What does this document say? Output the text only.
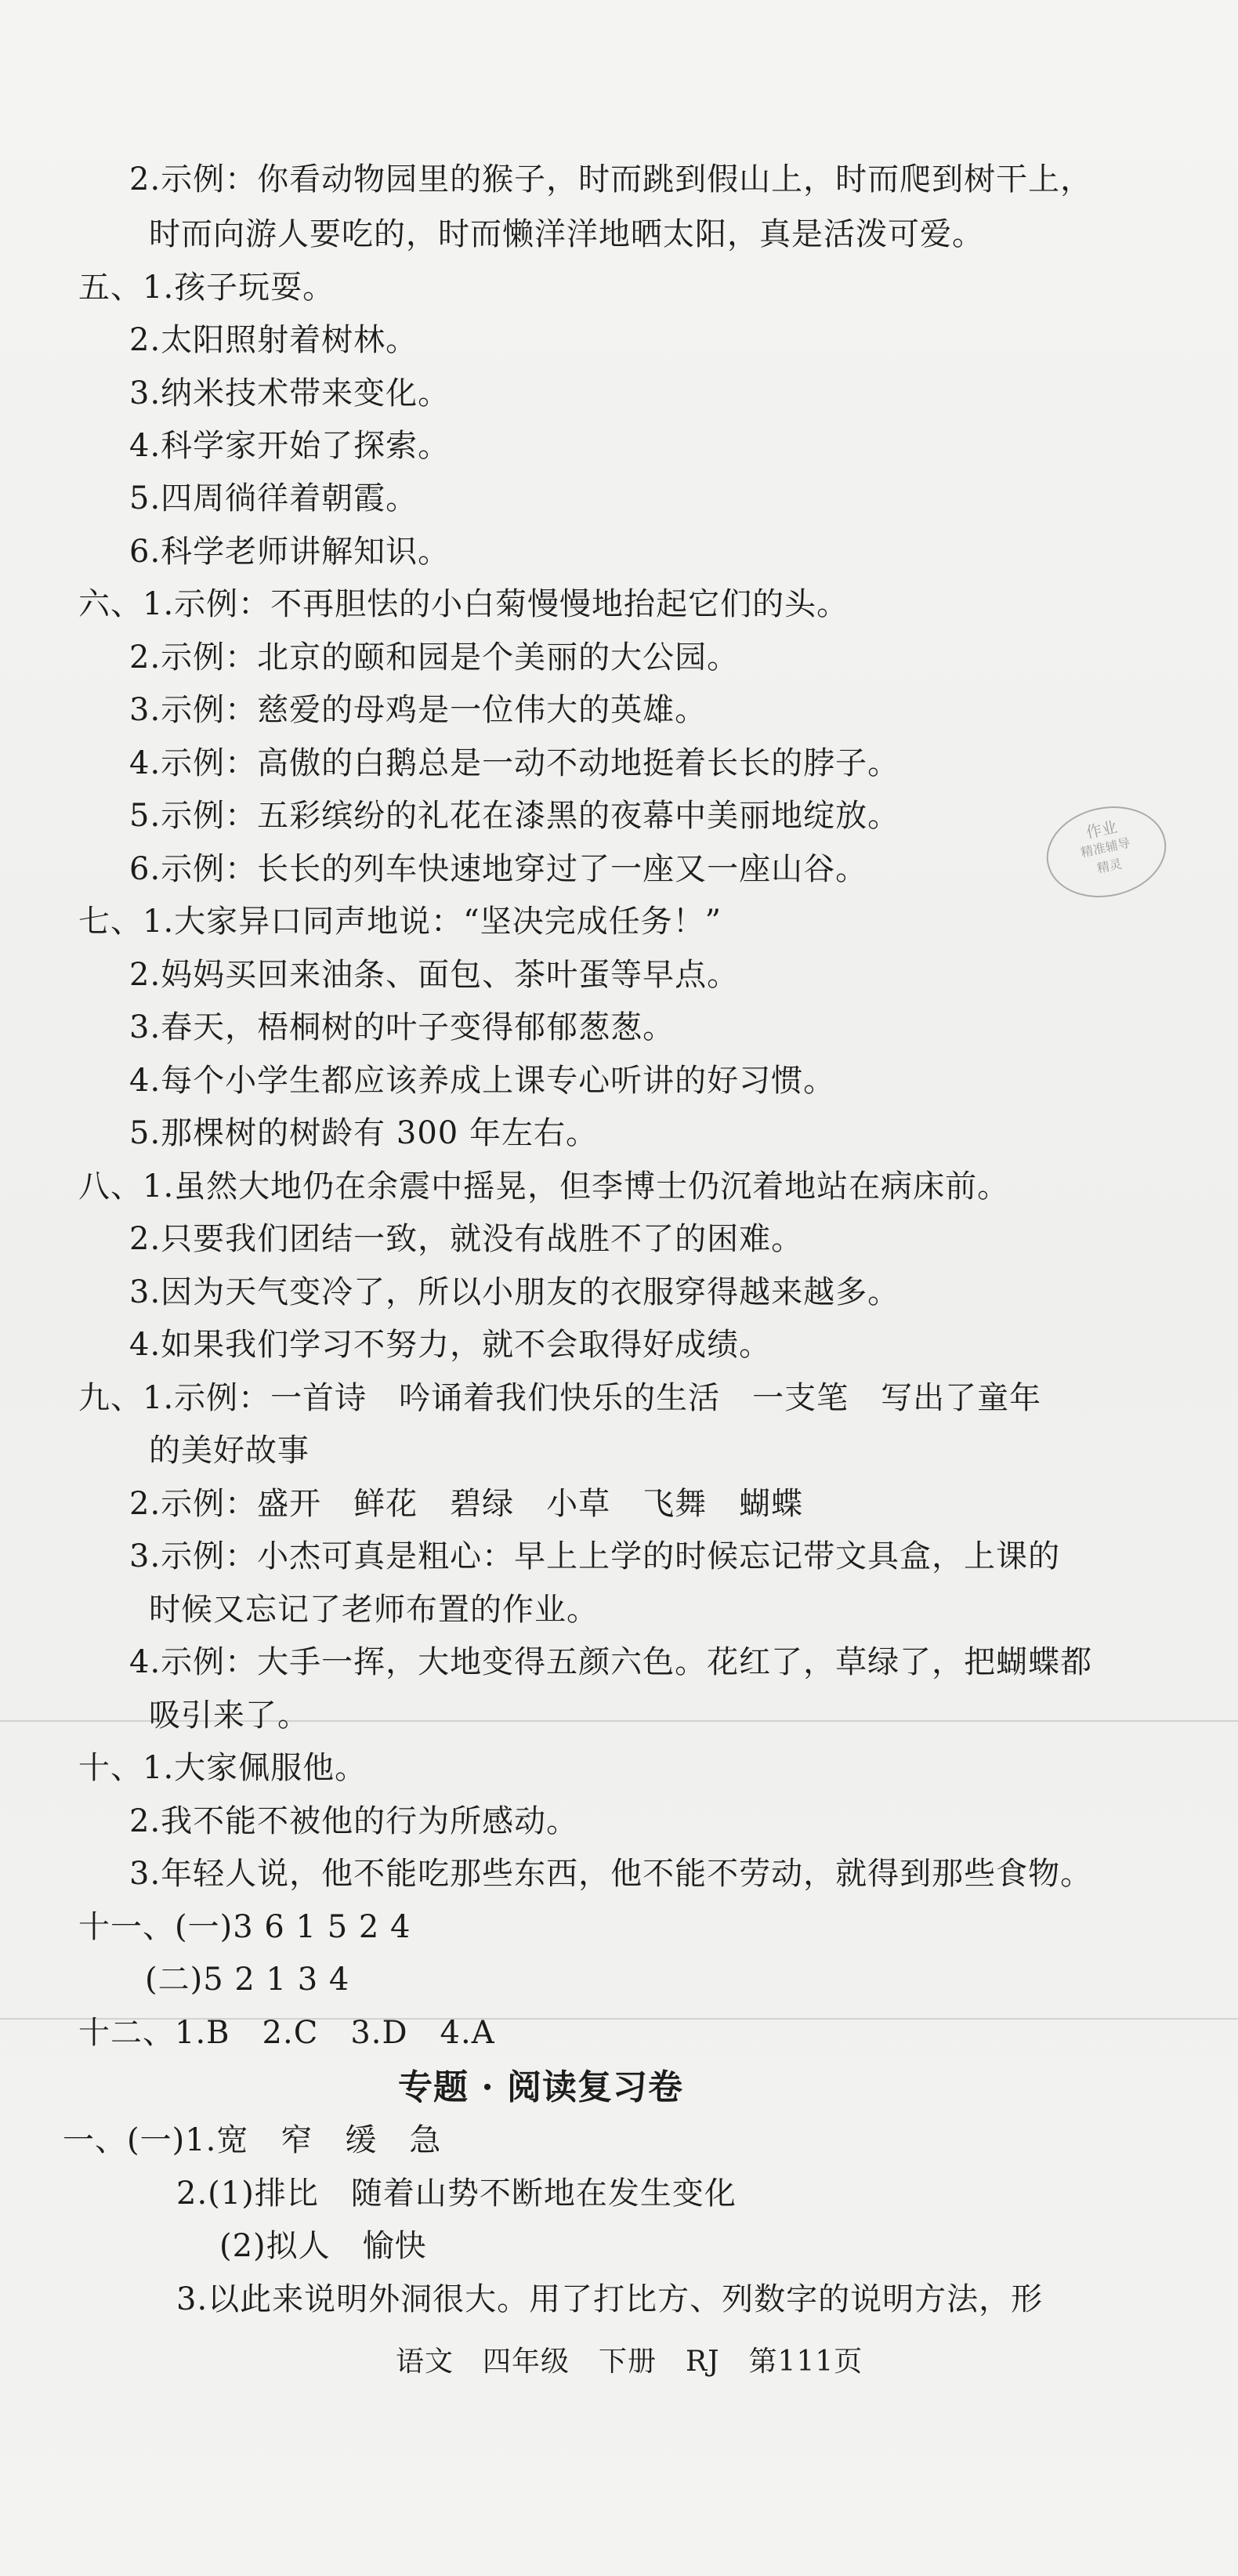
2.示例：你看动物园里的猴子，时而跳到假山上，时而爬到树干上，
时而向游人要吃的，时而懒洋洋地晒太阳，真是活泼可爱。
五、1.孩子玩耍。
2.太阳照射着树林。
3.纳米技术带来变化。
4.科学家开始了探索。
5.四周徜徉着朝霞。
6.科学老师讲解知识。
六、1.示例：不再胆怯的小白菊慢慢地抬起它们的头。
2.示例：北京的颐和园是个美丽的大公园。
3.示例：慈爱的母鸡是一位伟大的英雄。
4.示例：高傲的白鹅总是一动不动地挺着长长的脖子。
5.示例：五彩缤纷的礼花在漆黑的夜幕中美丽地绽放。
6.示例：长长的列车快速地穿过了一座又一座山谷。
七、1.大家异口同声地说：“坚决完成任务！”
2.妈妈买回来油条、面包、茶叶蛋等早点。
3.春天，梧桐树的叶子变得郁郁葱葱。
4.每个小学生都应该养成上课专心听讲的好习惯。
5.那棵树的树龄有 300 年左右。
八、1.虽然大地仍在余震中摇晃，但李博士仍沉着地站在病床前。
2.只要我们团结一致，就没有战胜不了的困难。
3.因为天气变冷了，所以小朋友的衣服穿得越来越多。
4.如果我们学习不努力，就不会取得好成绩。
九、1.示例：一首诗　吟诵着我们快乐的生活　一支笔　写出了童年
的美好故事
2.示例：盛开　鲜花　碧绿　小草　飞舞　蝴蝶
3.示例：小杰可真是粗心：早上上学的时候忘记带文具盒，上课的
时候又忘记了老师布置的作业。
4.示例：大手一挥，大地变得五颜六色。花红了，草绿了，把蝴蝶都
吸引来了。
十、1.大家佩服他。
2.我不能不被他的行为所感动。
3.年轻人说，他不能吃那些东西，他不能不劳动，就得到那些食物。
十一、(一)3 6 1 5 2 4
(二)5 2 1 3 4
十二、1.B　2.C　3.D　4.A
专题 · 阅读复习卷
一、(一)1.宽　窄　缓　急
2.(1)排比　随着山势不断地在发生变化
(2)拟人　愉快
3.以此来说明外洞很大。用了打比方、列数字的说明方法，形
语文　四年级　下册　RJ　第111页
作业
精准辅导
精灵
